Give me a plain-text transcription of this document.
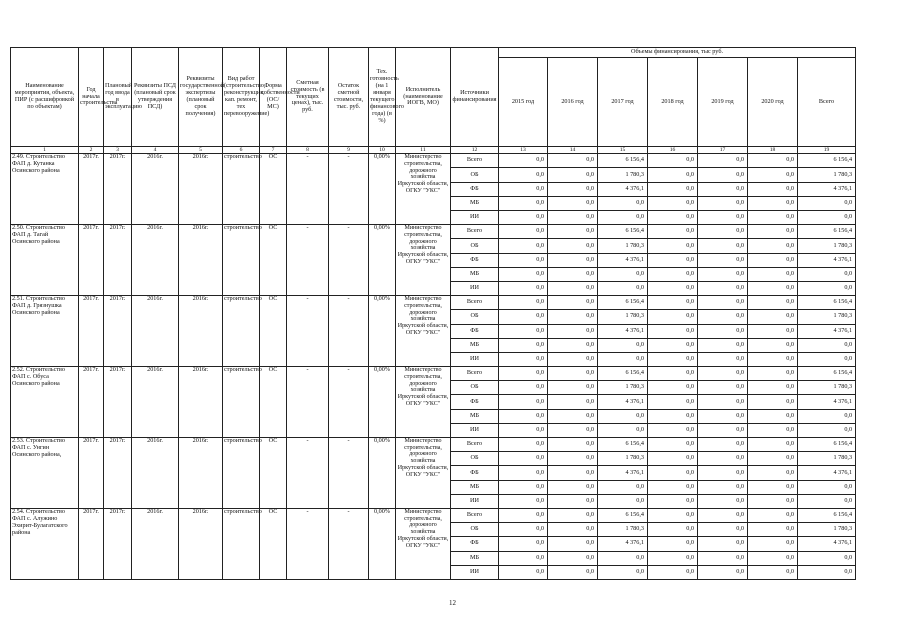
Наименование мероприятия, объекта, ПИР (с расшифровкой по объектам)	Год начала строительства	Плановый год ввода в эксплуатацию	Реквизиты ПСД (плановый срок утверждения ПСД)	Реквизиты государственной экспертизы (плановый срок получения)	Вид работ (строительство, реконструкция, кап. ремонт, тех перевооружение)	Форма собственности (ОС/МС)	Сметная стоимость (в текущих ценах), тыс. руб.	Остаток сметной стоимости, тыс. руб.	Тех. готовность (на 1 января текущего финансового года) (в %)	Исполнитель (наименование ИОГВ, МО)	Источники финансирования	Объемы финансирования, тыс руб.						
												2015 год	2016 год	2017 год	2018 год	2019 год	2020 год	Всего
1	2	3	4	5	6	7	8	9	10	11	12	13	14	15	16	17	18	19
2.49. Строительство ФАП д. Кутанка Осинского района	2017г.	2017г.	2016г.	2016г.	строительство	ОС	-	-	0,00%	Министерство строительства, дорожного хозяйства Иркутской области, ОГКУ "УКС"	Всего	0,0	0,0	6 156,4	0,0	0,0	0,0	6 156,4
											ОБ	0,0	0,0	1 780,3	0,0	0,0	0,0	1 780,3
											ФБ	0,0	0,0	4 376,1	0,0	0,0	0,0	4 376,1
											МБ	0,0	0,0	0,0	0,0	0,0	0,0	0,0
											ИИ	0,0	0,0	0,0	0,0	0,0	0,0	0,0
2.50. Строительство ФАП д. Тагай Осинского района	2017г.	2017г.	2016г.	2016г.	строительство	ОС	-	-	0,00%	Министерство строительства, дорожного хозяйства Иркутской области, ОГКУ "УКС"	Всего	0,0	0,0	6 156,4	0,0	0,0	0,0	6 156,4
											ОБ	0,0	0,0	1 780,3	0,0	0,0	0,0	1 780,3
											ФБ	0,0	0,0	4 376,1	0,0	0,0	0,0	4 376,1
											МБ	0,0	0,0	0,0	0,0	0,0	0,0	0,0
											ИИ	0,0	0,0	0,0	0,0	0,0	0,0	0,0
2.51. Строительство ФАП д. Грязнушка Осинского района	2017г.	2017г.	2016г.	2016г.	строительство	ОС	-	-	0,00%	Министерство строительства, дорожного хозяйства Иркутской области, ОГКУ "УКС"	Всего	0,0	0,0	6 156,4	0,0	0,0	0,0	6 156,4
											ОБ	0,0	0,0	1 780,3	0,0	0,0	0,0	1 780,3
											ФБ	0,0	0,0	4 376,1	0,0	0,0	0,0	4 376,1
											МБ	0,0	0,0	0,0	0,0	0,0	0,0	0,0
											ИИ	0,0	0,0	0,0	0,0	0,0	0,0	0,0
2.52. Строительство ФАП с. Обуса Осинского района	2017г.	2017г.	2016г.	2016г.	строительство	ОС	-	-	0,00%	Министерство строительства, дорожного хозяйства Иркутской области, ОГКУ "УКС"	Всего	0,0	0,0	6 156,4	0,0	0,0	0,0	6 156,4
											ОБ	0,0	0,0	1 780,3	0,0	0,0	0,0	1 780,3
											ФБ	0,0	0,0	4 376,1	0,0	0,0	0,0	4 376,1
											МБ	0,0	0,0	0,0	0,0	0,0	0,0	0,0
											ИИ	0,0	0,0	0,0	0,0	0,0	0,0	0,0
2.53. Строительство ФАП с. Унгин Осинского района,	2017г.	2017г.	2016г.	2016г.	строительство	ОС	-	-	0,00%	Министерство строительства, дорожного хозяйства Иркутской области, ОГКУ "УКС"	Всего	0,0	0,0	6 156,4	0,0	0,0	0,0	6 156,4
											ОБ	0,0	0,0	1 780,3	0,0	0,0	0,0	1 780,3
											ФБ	0,0	0,0	4 376,1	0,0	0,0	0,0	4 376,1
											МБ	0,0	0,0	0,0	0,0	0,0	0,0	0,0
											ИИ	0,0	0,0	0,0	0,0	0,0	0,0	0,0
2.54. Строительство ФАП с. Алужино Эхирит-Булагатского района	2017г.	2017г.	2016г.	2016г.	строительство	ОС	-	-	0,00%	Министерство строительства, дорожного хозяйства Иркутской области, ОГКУ "УКС"	Всего	0,0	0,0	6 156,4	0,0	0,0	0,0	6 156,4
											ОБ	0,0	0,0	1 780,3	0,0	0,0	0,0	1 780,3
											ФБ	0,0	0,0	4 376,1	0,0	0,0	0,0	4 376,1
											МБ	0,0	0,0	0,0	0,0	0,0	0,0	0,0
											ИИ	0,0	0,0	0,0	0,0	0,0	0,0	0,0
12
